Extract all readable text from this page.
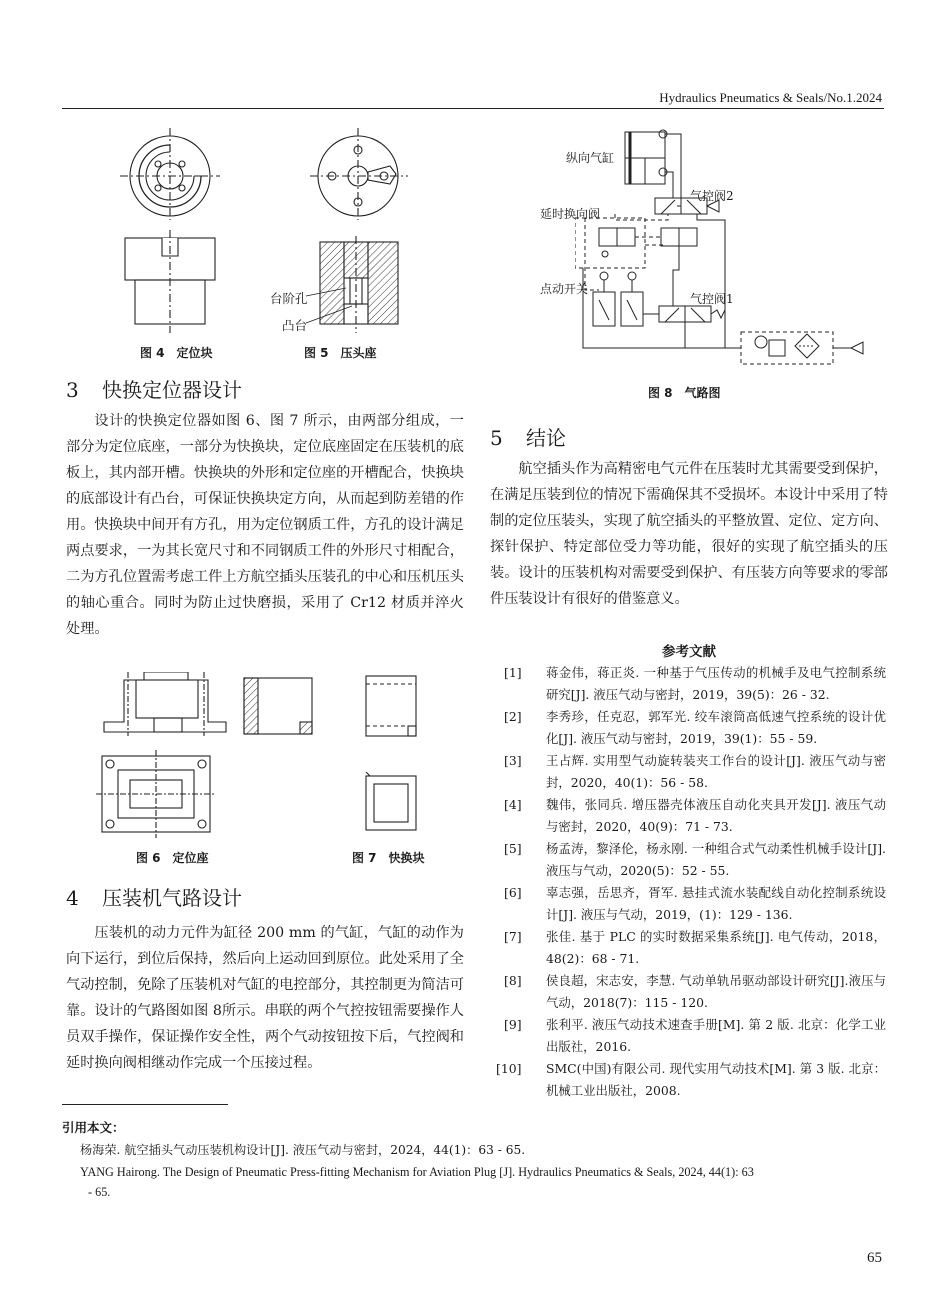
Hydraulics Pneumatics & Seals/No.1.2024
图 4 定位块
台阶孔
凸台
图 5 压头座
纵向气缸
气控阀2
延时换向阀
点动开关
气控阀1
图 8 气路图
3 快换定位器设计

设计的快换定位器如图 6、图 7 所示，由两部分组成，一部分为定位底座，一部分为快换块，定位底座固定在压装机的底板上，其内部开槽。快换块的外形和定位座的开槽配合，快换块的底部设计有凸台，可保证快换块定方向，从而起到防差错的作用。快换块中间开有方孔，用为定位钢质工件，方孔的设计满足两点要求，一为其长宽尺寸和不同钢质工件的外形尺寸相配合，二为方孔位置需考虑工件上方航空插头压装孔的中心和压机压头的轴心重合。同时为防止过快磨损，采用了 Cr12 材质并淬火处理。

图 6 定位座	图 7 快换块
4 压装机气路设计

压装机的动力元件为缸径 200 mm 的气缸，气缸的动作为向下运行，到位后保持，然后向上运动回到原位。此处采用了全气动控制，免除了压装机对气缸的电控部分，其控制更为简洁可靠。设计的气路图如图 8所示。串联的两个气控按钮需要操作人员双手操作，保证操作安全性，两个气动按钮按下后，气控阀和延时换向阀相继动作完成一个压接过程。

5 结论

航空插头作为高精密电气元件在压装时尤其需要受到保护，在满足压装到位的情况下需确保其不受损坏。本设计中采用了特制的定位压装头，实现了航空插头的平整放置、定位、定方向、探针保护、特定部位受力等功能，很好的实现了航空插头的压装。设计的压装机构对需要受到保护、有压装方向等要求的零部件压装设计有很好的借鉴意义。

参考文献
[1] 蒋金伟，蒋正炎. 一种基于气压传动的机械手及电气控制系统研究[J]. 液压气动与密封，2019，39(5)：26 - 32.
[2] 李秀珍，任克忍，郭军光. 绞车滚筒高低速气控系统的设计优化[J]. 液压气动与密封，2019，39(1)：55 - 59.
[3] 王占辉. 实用型气动旋转装夹工作台的设计[J]. 液压气动与密封，2020，40(1)：56 - 58.
[4] 魏伟，张同兵. 增压器壳体液压自动化夹具开发[J]. 液压气动与密封，2020，40(9)：71 - 73.
[5] 杨孟涛，黎泽伦，杨永刚. 一种组合式气动柔性机械手设计[J]. 液压与气动，2020(5)：52 - 55.
[6] 辜志强，岳思齐，胥军. 悬挂式流水装配线自动化控制系统设计[J]. 液压与气动，2019，(1)：129 - 136.
[7] 张佳. 基于 PLC 的实时数据采集系统[J]. 电气传动，2018，48(2)：68 - 71.
[8] 侯良超，宋志安，李慧. 气动单轨吊驱动部设计研究[J].液压与气动，2018(7)：115 - 120.
[9] 张利平. 液压气动技术速查手册[M]. 第 2 版. 北京：化学工业出版社，2016.
[10] SMC(中国)有限公司. 现代实用气动技术[M]. 第 3 版. 北京：机械工业出版社，2008.
引用本文：
杨海荣. 航空插头气动压装机构设计[J]. 液压气动与密封，2024，44(1)：63 - 65.
YANG Hairong. The Design of Pneumatic Press-fitting Mechanism for Aviation Plug [J]. Hydraulics Pneumatics & Seals, 2024, 44(1): 63
- 65.
65
